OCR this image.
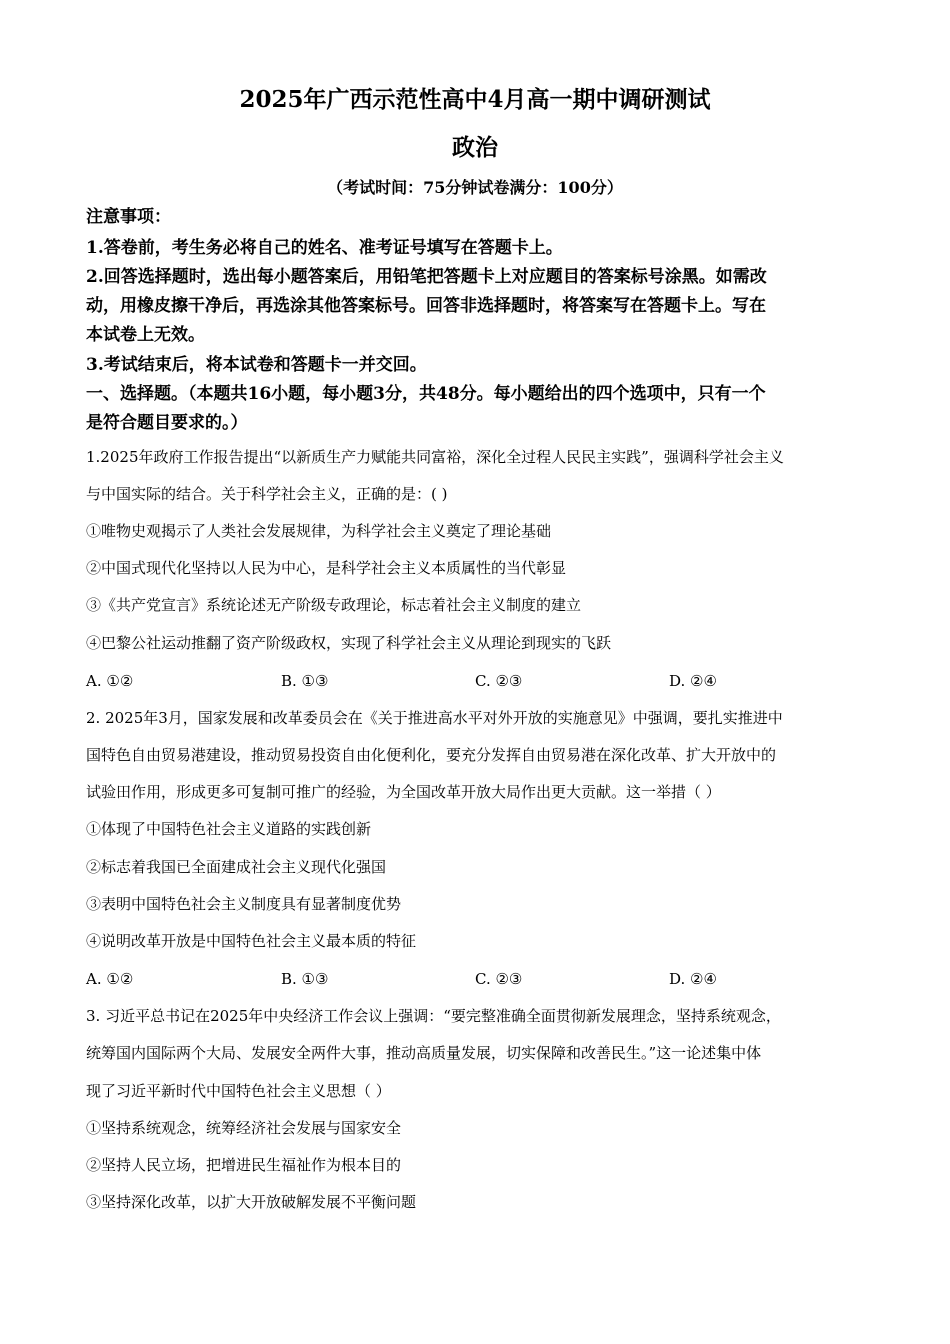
2025年广西示范性高中4月高一期中调研测试
政治
（考试时间：75分钟试卷满分：100分）
注意事项：
1.答卷前，考生务必将自己的姓名、准考证号填写在答题卡上。
2.回答选择题时，选出每小题答案后，用铅笔把答题卡上对应题目的答案标号涂黑。如需改
动，用橡皮擦干净后，再选涂其他答案标号。回答非选择题时，将答案写在答题卡上。写在
本试卷上无效。
3.考试结束后，将本试卷和答题卡一并交回。
一、选择题。（本题共16小题，每小题3分，共48分。每小题给出的四个选项中，只有一个
是符合题目要求的。）
1.2025年政府工作报告提出“以新质生产力赋能共同富裕，深化全过程人民民主实践”，强调科学社会主义
与中国实际的结合。关于科学社会主义，正确的是：( )
①唯物史观揭示了人类社会发展规律，为科学社会主义奠定了理论基础
②中国式现代化坚持以人民为中心，是科学社会主义本质属性的当代彰显
③《共产党宣言》系统论述无产阶级专政理论，标志着社会主义制度的建立
④巴黎公社运动推翻了资产阶级政权，实现了科学社会主义从理论到现实的飞跃
A. ①②	B. ①③	C. ②③	D. ②④
2. 2025年3月，国家发展和改革委员会在《关于推进高水平对外开放的实施意见》中强调，要扎实推进中
国特色自由贸易港建设，推动贸易投资自由化便利化，要充分发挥自由贸易港在深化改革、扩大开放中的
试验田作用，形成更多可复制可推广的经验，为全国改革开放大局作出更大贡献。这一举措（ ）
①体现了中国特色社会主义道路的实践创新
②标志着我国已全面建成社会主义现代化强国
③表明中国特色社会主义制度具有显著制度优势
④说明改革开放是中国特色社会主义最本质的特征
A. ①②	B. ①③	C. ②③	D. ②④
3. 习近平总书记在2025年中央经济工作会议上强调：“要完整准确全面贯彻新发展理念，坚持系统观念，
统筹国内国际两个大局、发展安全两件大事，推动高质量发展，切实保障和改善民生。”这一论述集中体
现了习近平新时代中国特色社会主义思想（ ）
①坚持系统观念，统筹经济社会发展与国家安全
②坚持人民立场，把增进民生福祉作为根本目的
③坚持深化改革，以扩大开放破解发展不平衡问题
